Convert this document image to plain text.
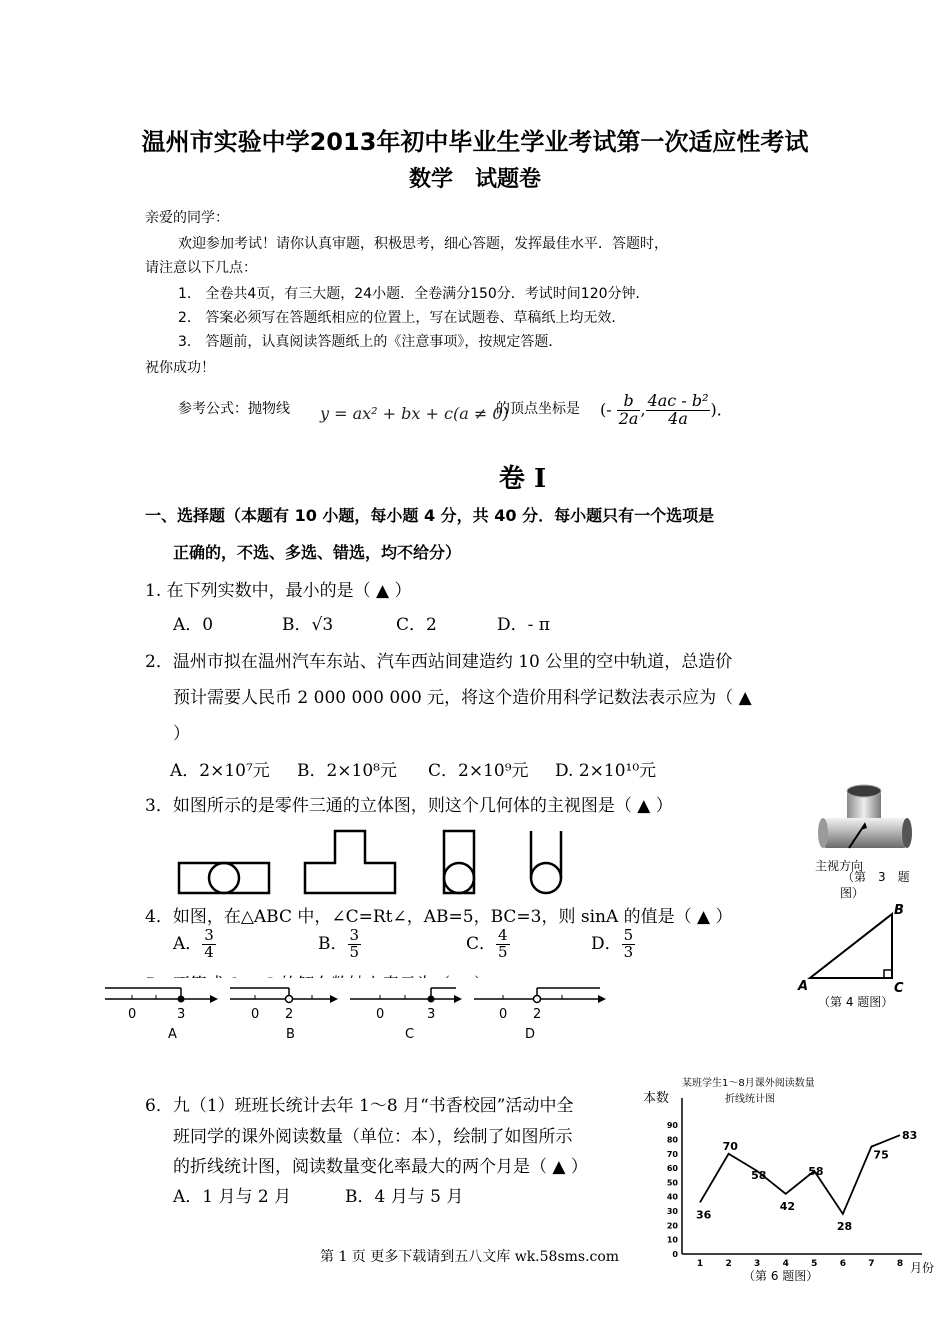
温州市实验中学2013年初中毕业生学业考试第一次适应性考试
数学　试题卷
亲爱的同学：
欢迎参加考试！请你认真审题，积极思考，细心答题，发挥最佳水平．答题时，
请注意以下几点：
1． 全卷共4页，有三大题，24小题．全卷满分150分．考试时间120分钟．
2． 答案必须写在答题纸相应的位置上，写在试题卷、草稿纸上均无效．
3． 答题前，认真阅读答题纸上的《注意事项》，按规定答题．
祝你成功！
参考公式：抛物线 y = ax² + bx + c(a ≠ 0)
的顶点坐标是 (- $\frac{b}{2a}$ , $\frac{\text{4ac - b²}}{4a}$ )．
卷 I
一、选择题（本题有 10 小题，每小题 4 分，共 40 分．每小题只有一个选项是
正确的，不选、多选、错选，均不给分）
1. 在下列实数中，最小的是（ ▲ ）
A．0	B．√3	C．2	D．- π
2．温州市拟在温州汽车东站、汽车西站间建造约 10 公里的空中轨道，总造价
预计需要人民币 2 000 000 000 元，将这个造价用科学记数法表示应为（ ▲
）
A．2×10⁷元 B．2×10⁸元 C．2×10⁹元 D. 2×10¹⁰元
3．如图所示的是零件三通的立体图，则这个几何体的主视图是（ ▲ ）
主视方向
（第　3　题
图）
4．如图，在△ABC 中，∠C=Rt∠，AB=5，BC=3，则 sinA 的值是（ ▲ ）
A． $\frac{3}{4}$	B． $\frac{3}{5}$	C． $\frac{4}{5}$	D． $\frac{5}{3}$
A
B
C
（第 4 题图）
0	3
A
0 2
B
0	3
C
0 2
D
6．九（1）班班长统计去年 1～8 月“书香校园”活动中全
班同学的课外阅读数量（单位：本），绘制了如图所示
的折线统计图，阅读数量变化率最大的两个月是（ ▲ ）
A．1 月与 2 月	B．4 月与 5 月
某班学生1～8月课外阅读数量
折线统计图
本数
月份
（第 6 题图）
0
10
20
30
40
50
60
70
80
90
1 2 3 4 5 6 7 8
36
70
58
42
58
28
75
83
第 1 页 更多下载请到五八文库 wk.58sms.com
